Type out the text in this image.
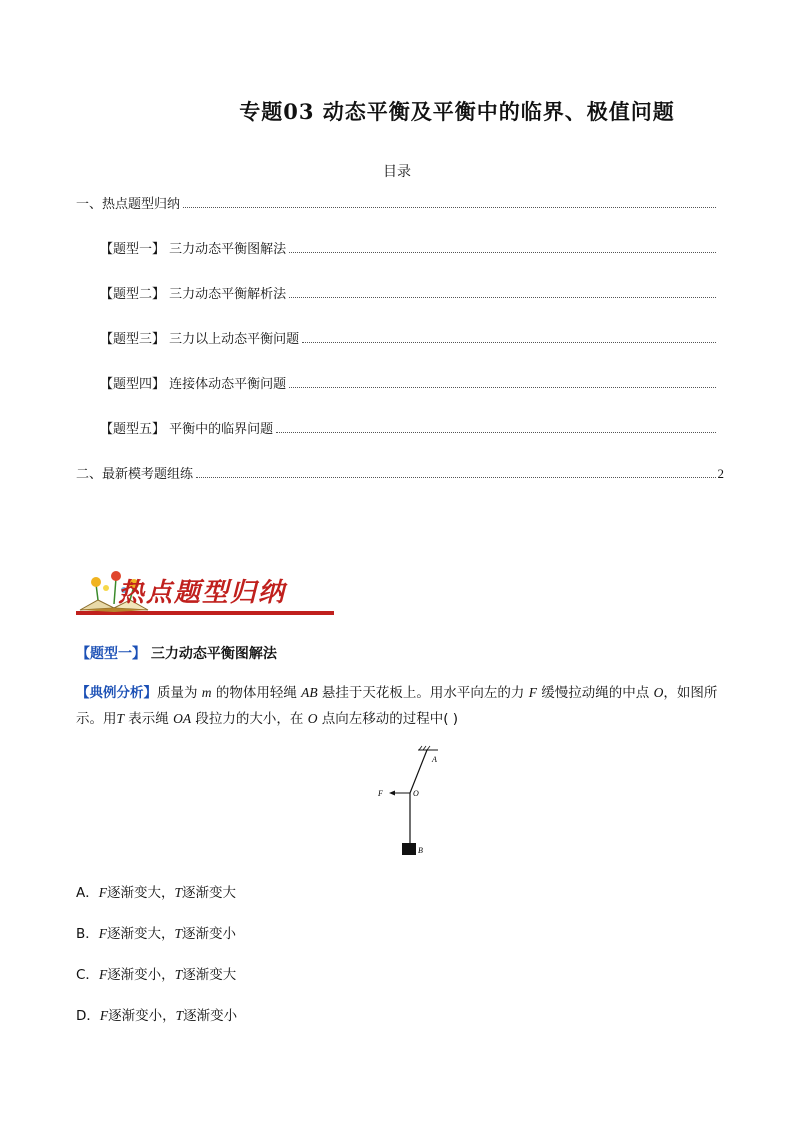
专题03 动态平衡及平衡中的临界、极值问题
目录
一、热点题型归纳
【题型一】 三力动态平衡图解法
【题型二】 三力动态平衡解析法
【题型三】 三力以上动态平衡问题
【题型四】 连接体动态平衡问题
【题型五】 平衡中的临界问题
二、最新模考题组练	2
热点题型归纳
【题型一】 三力动态平衡图解法
【典例分析】质量为 m 的物体用轻绳 AB 悬挂于天花板上。用水平向左的力 F 缓慢拉动绳的中点 O，如图所示。用T 表示绳 OA 段拉力的大小，在 O 点向左移动的过程中( )
A
F	O
B
A．F逐渐变大，T逐渐变大
B．F逐渐变大，T逐渐变小
C．F逐渐变小，T逐渐变大
D．F逐渐变小，T逐渐变小
